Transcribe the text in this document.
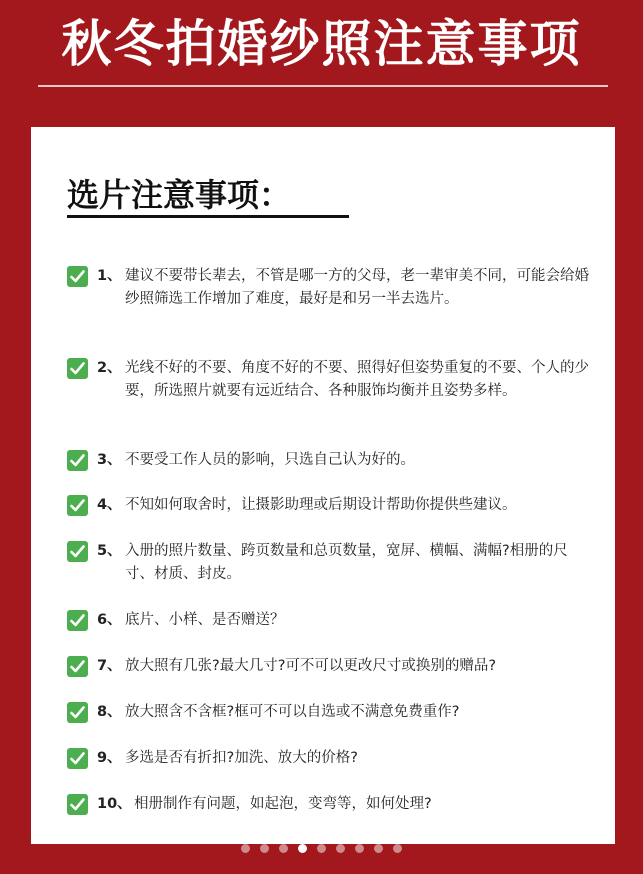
秋冬拍婚纱照注意事项
选片注意事项：
1、 建议不要带长辈去，不管是哪一方的父母，老一辈审美不同，可能会给婚纱照筛选工作增加了难度，最好是和另一半去选片。
2、 光线不好的不要、角度不好的不要、照得好但姿势重复的不要、个人的少要，所选照片就要有远近结合、各种服饰均衡并且姿势多样。
3、 不要受工作人员的影响，只选自己认为好的。
4、 不知如何取舍时，让摄影助理或后期设计帮助你提供些建议。
5、 入册的照片数量、跨页数量和总页数量，宽屏、横幅、满幅?相册的尺寸、材质、封皮。
6、 底片、小样、是否赠送？
7、 放大照有几张?最大几寸?可不可以更改尺寸或换别的赠品?
8、 放大照含不含框?框可不可以自选或不满意免费重作?
9、 多选是否有折扣?加洗、放大的价格?
10、 相册制作有问题，如起泡，变弯等，如何处理?
